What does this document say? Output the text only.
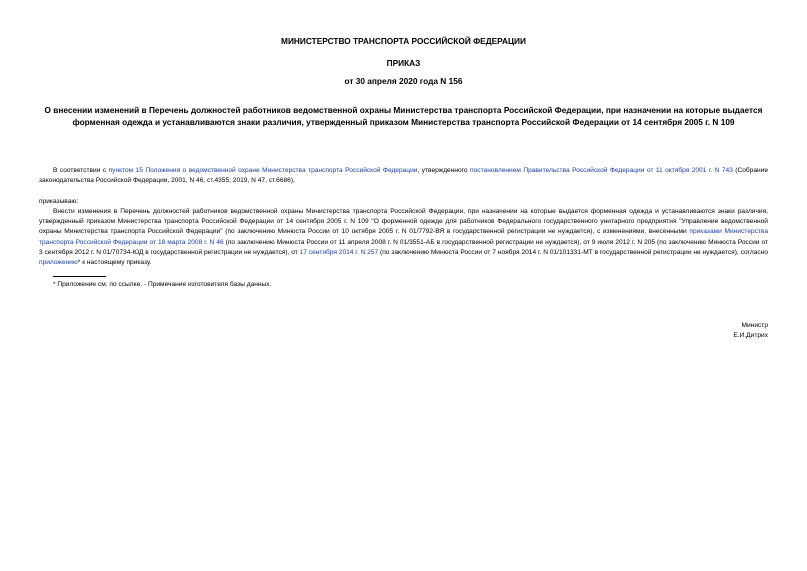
МИНИСТЕРСТВО ТРАНСПОРТА РОССИЙСКОЙ ФЕДЕРАЦИИ
ПРИКАЗ
от 30 апреля 2020 года N 156
О внесении изменений в Перечень должностей работников ведомственной охраны Министерства транспорта Российской Федерации, при назначении на которые выдается форменная одежда и устанавливаются знаки различия, утвержденный приказом Министерства транспорта Российской Федерации от 14 сентября 2005 г. N 109
В соответствии с пунктом 15 Положения о ведомственной охране Министерства транспорта Российской Федерации, утвержденного постановлением Правительства Российской Федерации от 11 октября 2001 г. N 743 (Собрание законодательства Российской Федерации, 2001, N 46, ст.4355; 2019, N 47, ст.6686),
приказываю:
Внести изменения в Перечень должностей работников ведомственной охраны Министерства транспорта Российской Федерации, при назначении на которые выдается форменная одежда и устанавливаются знаки различия, утвержденный приказом Министерства транспорта Российской Федерации от 14 сентября 2005 г. N 109 "О форменной одежде для работников Федерального государственного унитарного предприятия "Управление ведомственной охраны Министерства транспорта Российской Федерации" (по заключению Минюста России от 10 октября 2005 г. N 01/7792-ВЯ в государственной регистрации не нуждается), с изменениями, внесенными приказами Министерства транспорта Российской Федерации от 18 марта 2008 г. N 46 (по заключению Минюста России от 11 апреля 2008 г. N 01/3551-АБ в государственной регистрации не нуждается), от 9 июля 2012 г. N 205 (по заключению Минюста России от 3 сентября 2012 г. N 01/70734-ЮД в государственной регистрации не нуждается), от 17 сентября 2014 г. N 257 (по заключению Минюста России от 7 ноября 2014 г. N 01/101331-МТ в государственной регистрации не нуждается), согласно приложению* к настоящему приказу.
* Приложение см. по ссылке. - Примечание изготовителя базы данных.
Министр
Е.И.Дитрих
